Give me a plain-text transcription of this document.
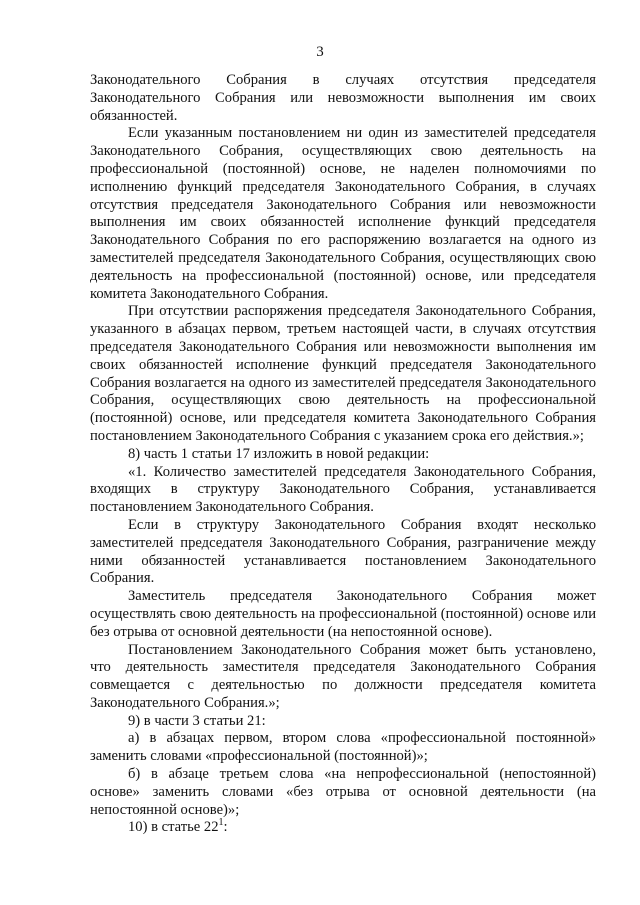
3

Законодательного Собрания в случаях отсутствия председателя Законодательного Собрания или невозможности выполнения им своих обязанностей.

Если указанным постановлением ни один из заместителей председателя Законодательного Собрания, осуществляющих свою деятельность на профессиональной (постоянной) основе, не наделен полномочиями по исполнению функций председателя Законодательного Собрания, в случаях отсутствия председателя Законодательного Собрания или невозможности выполнения им своих обязанностей исполнение функций председателя Законодательного Собрания по его распоряжению возлагается на одного из заместителей председателя Законодательного Собрания, осуществляющих свою деятельность на профессиональной (постоянной) основе, или председателя комитета Законодательного Собрания.

При отсутствии распоряжения председателя Законодательного Собрания, указанного в абзацах первом, третьем настоящей части, в случаях отсутствия председателя Законодательного Собрания или невозможности выполнения им своих обязанностей исполнение функций председателя Законодательного Собрания возлагается на одного из заместителей председателя Законодательного Собрания, осуществляющих свою деятельность на профессиональной (постоянной) основе, или председателя комитета Законодательного Собрания постановлением Законодательного Собрания с указанием срока его действия.»;

8) часть 1 статьи 17 изложить в новой редакции:

«1. Количество заместителей председателя Законодательного Собрания, входящих в структуру Законодательного Собрания, устанавливается постановлением Законодательного Собрания.

Если в структуру Законодательного Собрания входят несколько заместителей председателя Законодательного Собрания, разграничение между ними обязанностей устанавливается постановлением Законодательного Собрания.

Заместитель председателя Законодательного Собрания может осуществлять свою деятельность на профессиональной (постоянной) основе или без отрыва от основной деятельности (на непостоянной основе).

Постановлением Законодательного Собрания может быть установлено, что деятельность заместителя председателя Законодательного Собрания совмещается с деятельностью по должности председателя комитета Законодательного Собрания.»;

9) в части 3 статьи 21:

а) в абзацах первом, втором слова «профессиональной постоянной» заменить словами «профессиональной (постоянной)»;

б) в абзаце третьем слова «на непрофессиональной (непостоянной) основе» заменить словами «без отрыва от основной деятельности (на непостоянной основе)»;

10) в статье $22^1$:
